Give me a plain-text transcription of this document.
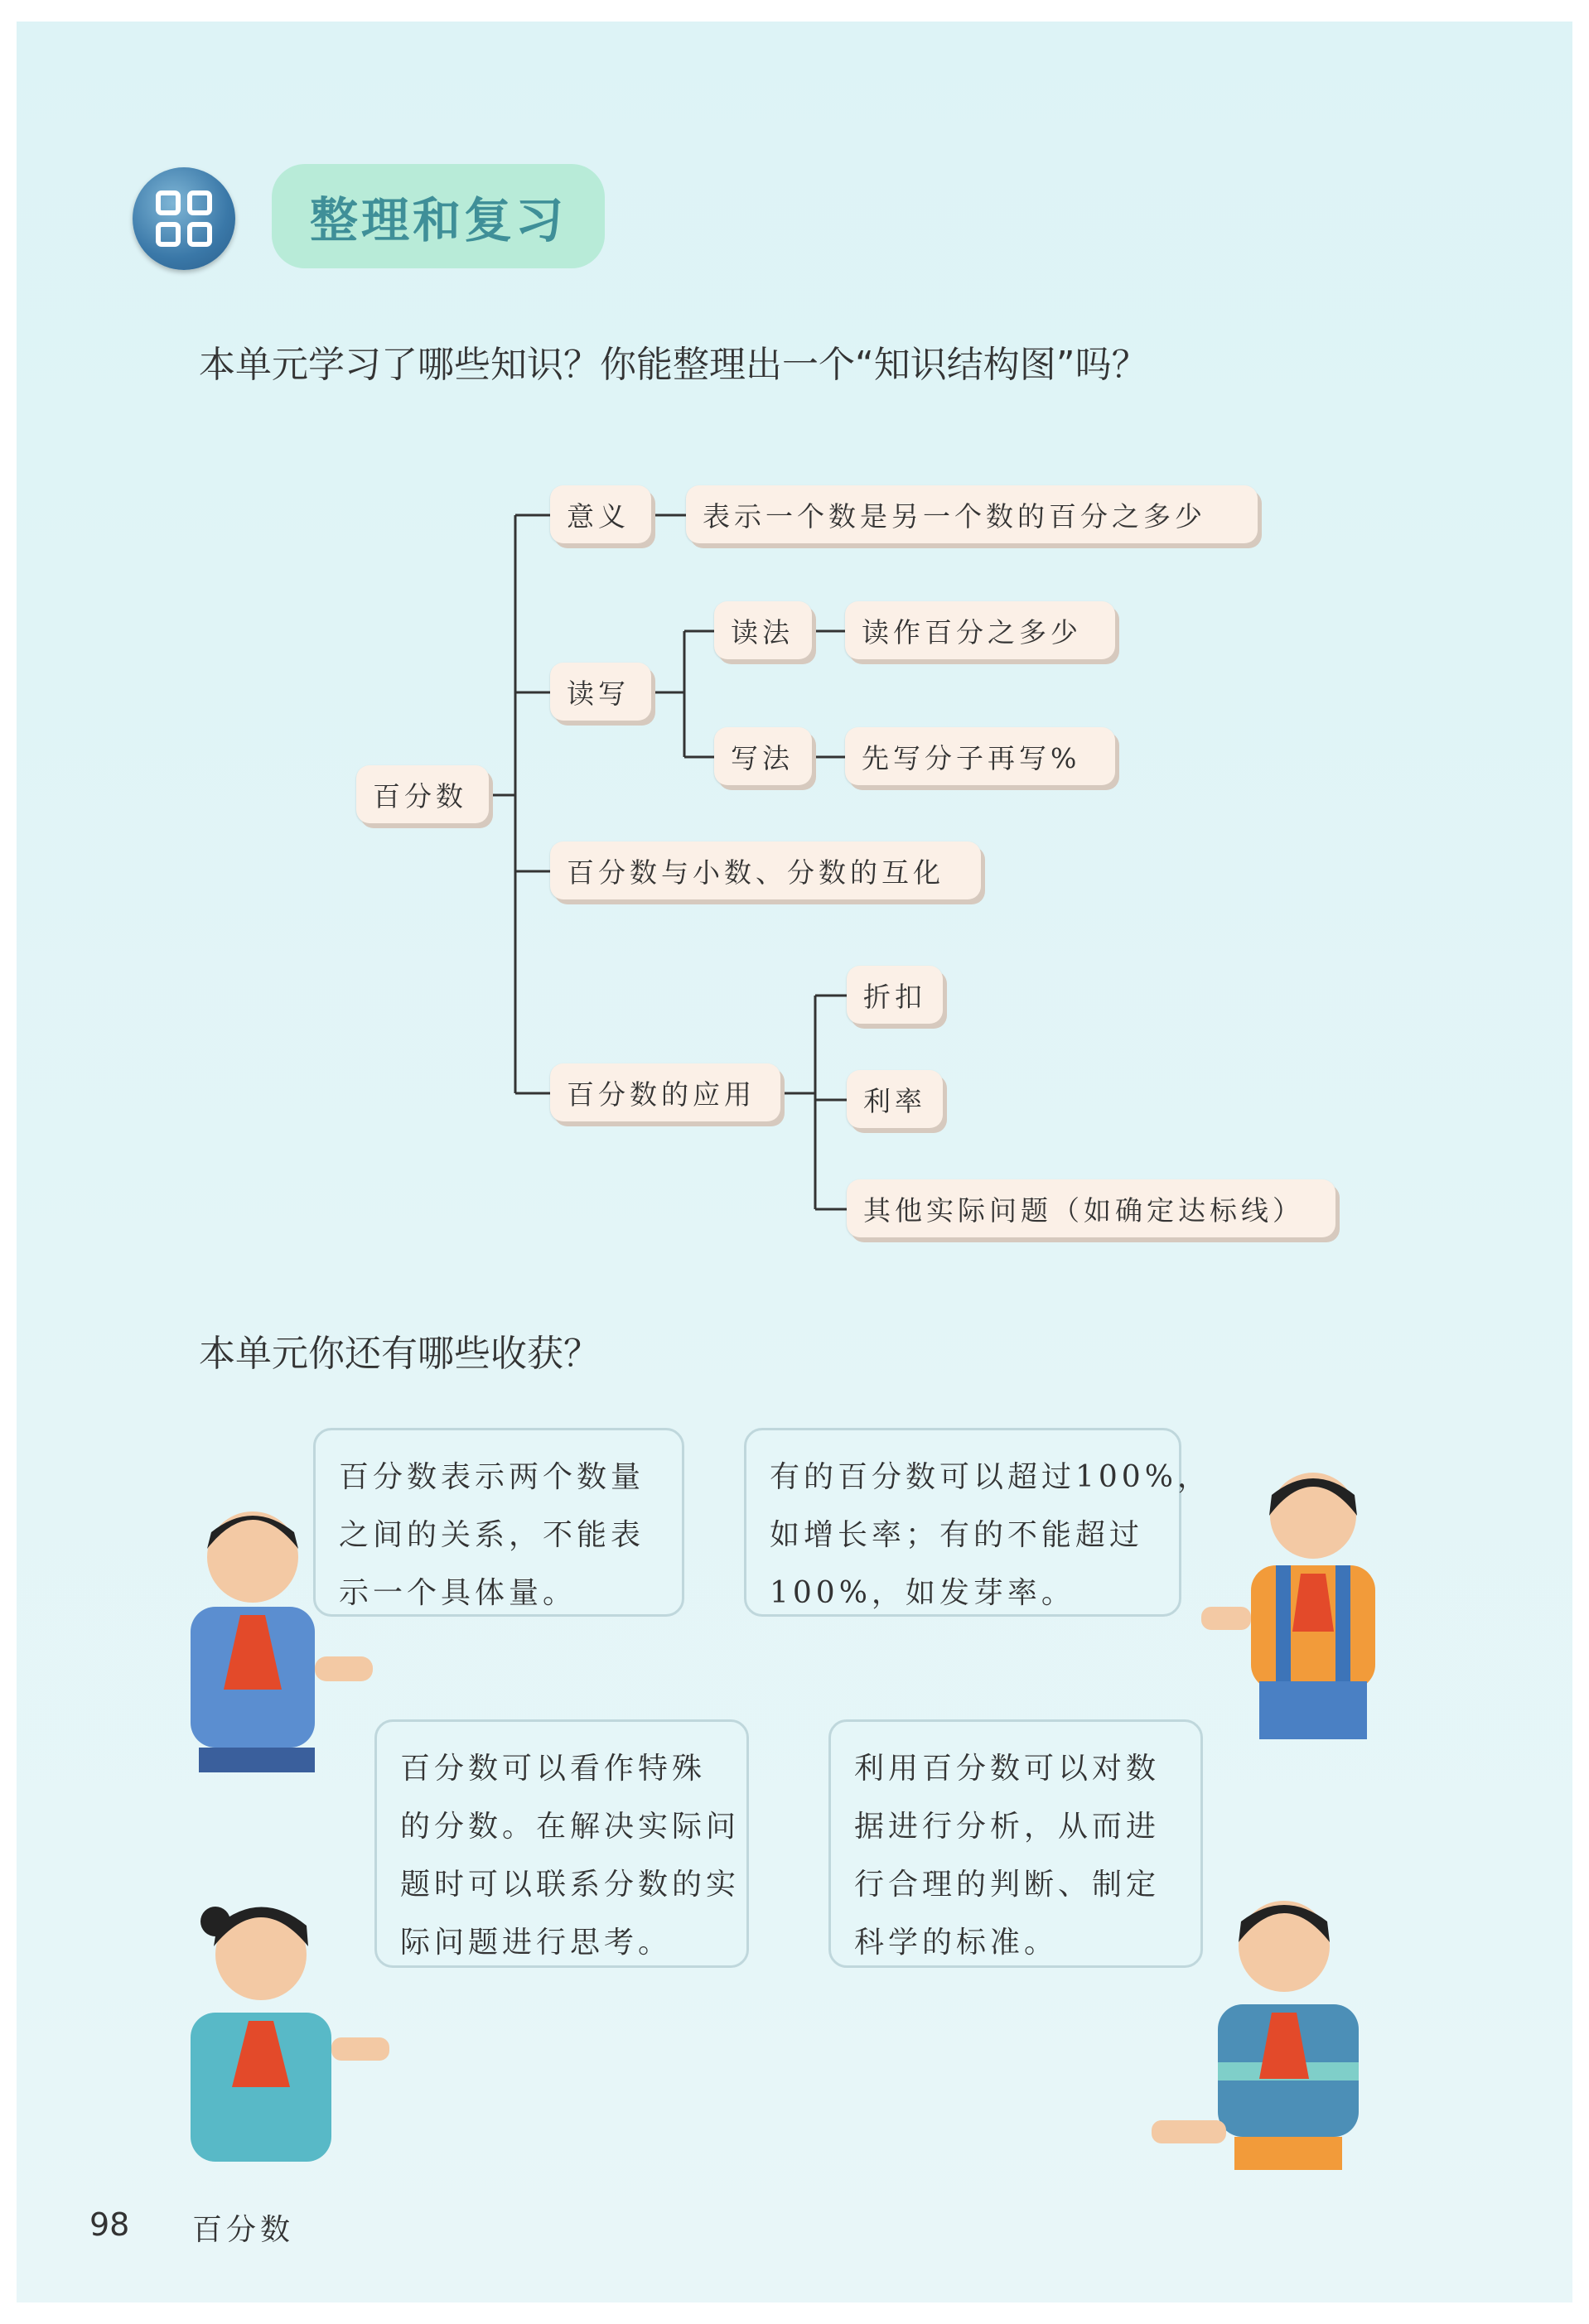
整理和复习
本单元学习了哪些知识？你能整理出一个“知识结构图”吗？
百分数
意义	表示一个数是另一个数的百分之多少
读写
读法	读作百分之多少
写法	先写分子再写%
百分数与小数、分数的互化
百分数的应用
折扣
利率
其他实际问题（如确定达标线）
本单元你还有哪些收获？

百分数表示两个数量

之间的关系，不能表

示一个具体量。

有的百分数可以超过100%，

如增长率；有的不能超过

100%，如发芽率。

百分数可以看作特殊

的分数。在解决实际问

题时可以联系分数的实

际问题进行思考。

利用百分数可以对数

据进行分析，从而进

行合理的判断、制定

科学的标准。

98 百分数
